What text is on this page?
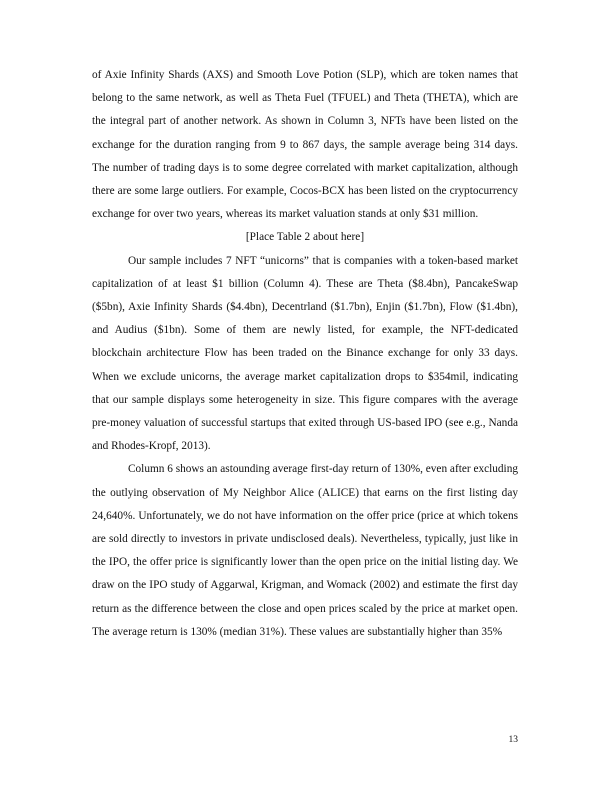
of Axie Infinity Shards (AXS) and Smooth Love Potion (SLP), which are token names that belong to the same network, as well as Theta Fuel (TFUEL) and Theta (THETA), which are the integral part of another network. As shown in Column 3, NFTs have been listed on the exchange for the duration ranging from 9 to 867 days, the sample average being 314 days. The number of trading days is to some degree correlated with market capitalization, although there are some large outliers. For example, Cocos-BCX has been listed on the cryptocurrency exchange for over two years, whereas its market valuation stands at only $31 million.

[Place Table 2 about here]

Our sample includes 7 NFT “unicorns” that is companies with a token-based market capitalization of at least $1 billion (Column 4). These are Theta ($8.4bn), PancakeSwap ($5bn), Axie Infinity Shards ($4.4bn), Decentrland ($1.7bn), Enjin ($1.7bn), Flow ($1.4bn), and Audius ($1bn). Some of them are newly listed, for example, the NFT-dedicated blockchain architecture Flow has been traded on the Binance exchange for only 33 days. When we exclude unicorns, the average market capitalization drops to $354mil, indicating that our sample displays some heterogeneity in size. This figure compares with the average pre-money valuation of successful startups that exited through US-based IPO (see e.g., Nanda and Rhodes-Kropf, 2013).

Column 6 shows an astounding average first-day return of 130%, even after excluding the outlying observation of My Neighbor Alice (ALICE) that earns on the first listing day 24,640%. Unfortunately, we do not have information on the offer price (price at which tokens are sold directly to investors in private undisclosed deals). Nevertheless, typically, just like in the IPO, the offer price is significantly lower than the open price on the initial listing day. We draw on the IPO study of Aggarwal, Krigman, and Womack (2002) and estimate the first day return as the difference between the close and open prices scaled by the price at market open. The average return is 130% (median 31%). These values are substantially higher than 35%

13
